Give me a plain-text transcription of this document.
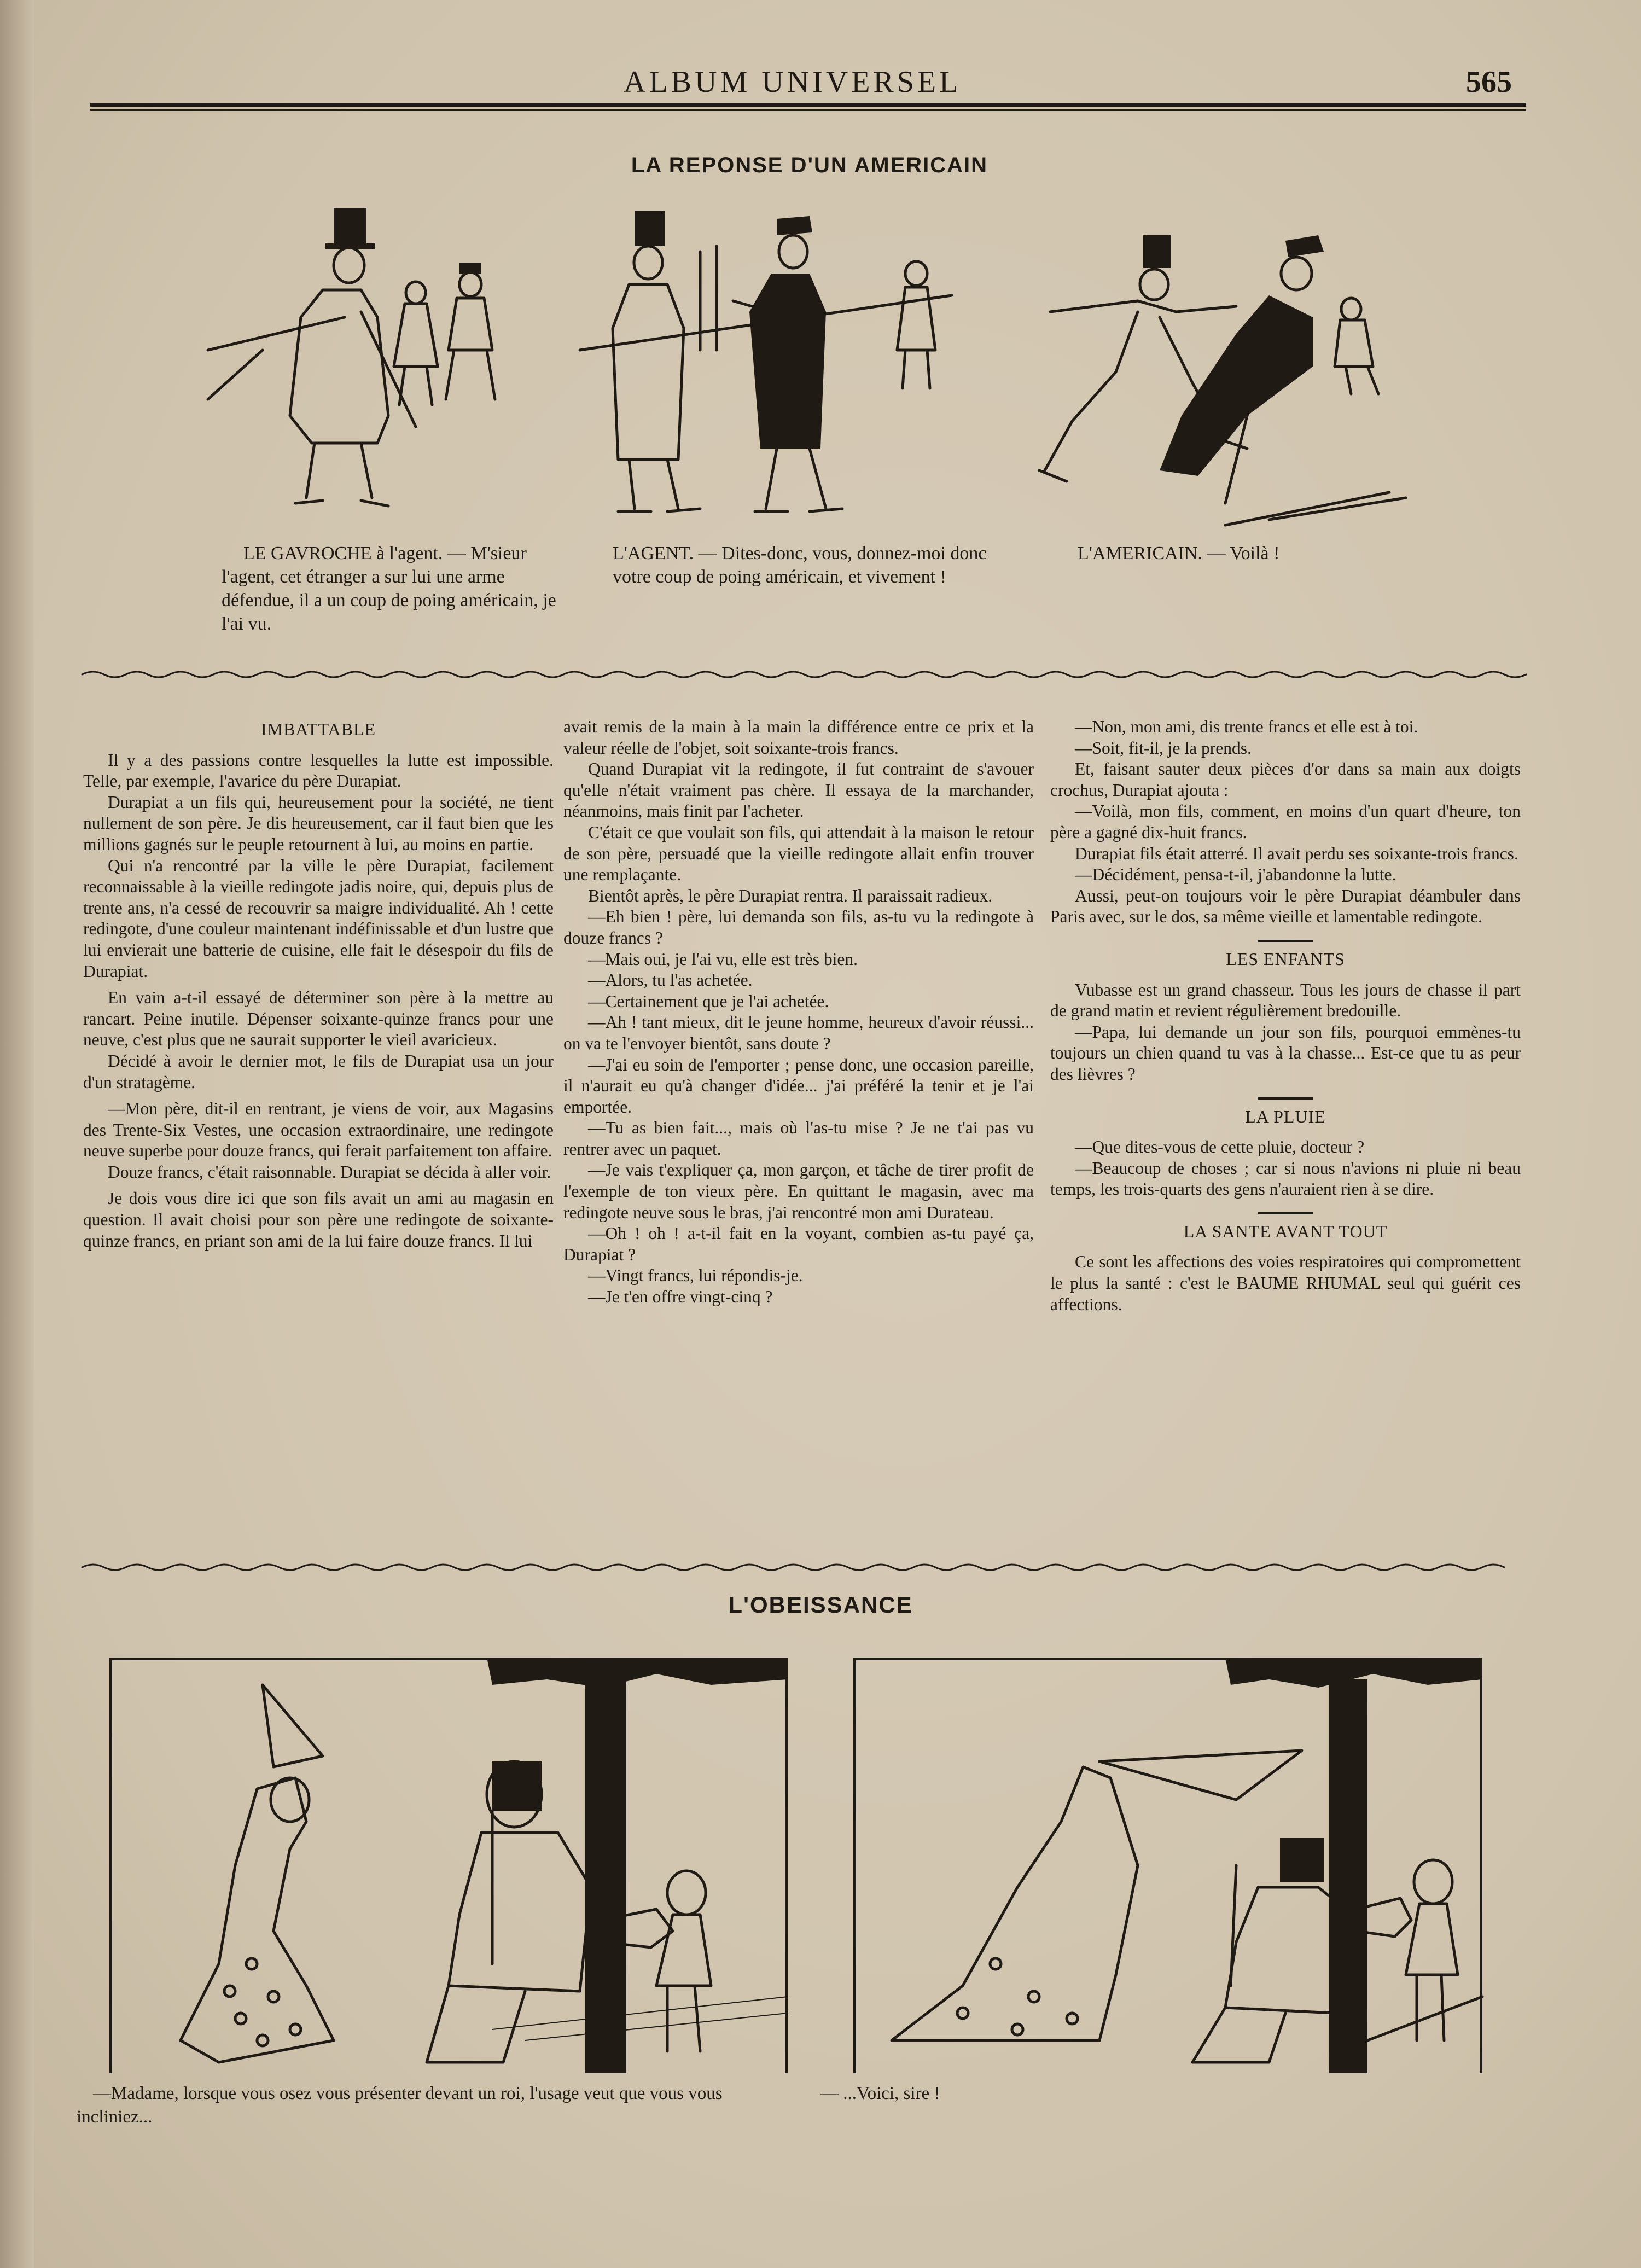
ALBUM UNIVERSEL	565
LA REPONSE D'UN AMERICAIN
LE GAVROCHE à l'agent. — M'sieur l'agent, cet étranger a sur lui une arme défendue, il a un coup de poing américain, je l'ai vu.
L'AGENT. — Dites-donc, vous, donnez-moi donc votre coup de poing américain, et vivement !
L'AMERICAIN. — Voilà !
IMBATTABLE

Il y a des passions contre lesquelles la lutte est impossible. Telle, par exemple, l'avarice du père Durapiat.

Durapiat a un fils qui, heureusement pour la société, ne tient nullement de son père. Je dis heureusement, car il faut bien que les millions gagnés sur le peuple retournent à lui, au moins en partie.

Qui n'a rencontré par la ville le père Durapiat, facilement reconnaissable à la vieille redingote jadis noire, qui, depuis plus de trente ans, n'a cessé de recouvrir sa maigre individualité. Ah ! cette redingote, d'une couleur maintenant indéfinissable et d'un lustre que lui envierait une batterie de cuisine, elle fait le désespoir du fils de Durapiat.

En vain a-t-il essayé de déterminer son père à la mettre au rancart. Peine inutile. Dépenser soixante-quinze francs pour une neuve, c'est plus que ne saurait supporter le vieil avaricieux.

Décidé à avoir le dernier mot, le fils de Durapiat usa un jour d'un stratagème.

—Mon père, dit-il en rentrant, je viens de voir, aux Magasins des Trente-Six Vestes, une occasion extraordinaire, une redingote neuve superbe pour douze francs, qui ferait parfaitement ton affaire.

Douze francs, c'était raisonnable. Durapiat se décida à aller voir.

Je dois vous dire ici que son fils avait un ami au magasin en question. Il avait choisi pour son père une redingote de soixante-quinze francs, en priant son ami de la lui faire douze francs. Il lui

avait remis de la main à la main la différence entre ce prix et la valeur réelle de l'objet, soit soixante-trois francs.

Quand Durapiat vit la redingote, il fut contraint de s'avouer qu'elle n'était vraiment pas chère. Il essaya de la marchander, néanmoins, mais finit par l'acheter.

C'était ce que voulait son fils, qui attendait à la maison le retour de son père, persuadé que la vieille redingote allait enfin trouver une remplaçante.

Bientôt après, le père Durapiat rentra. Il paraissait radieux.

—Eh bien ! père, lui demanda son fils, as-tu vu la redingote à douze francs ?

—Mais oui, je l'ai vu, elle est très bien.

—Alors, tu l'as achetée.

—Certainement que je l'ai achetée.

—Ah ! tant mieux, dit le jeune homme, heureux d'avoir réussi... on va te l'envoyer bientôt, sans doute ?

—J'ai eu soin de l'emporter ; pense donc, une occasion pareille, il n'aurait eu qu'à changer d'idée... j'ai préféré la tenir et je l'ai emportée.

—Tu as bien fait..., mais où l'as-tu mise ? Je ne t'ai pas vu rentrer avec un paquet.

—Je vais t'expliquer ça, mon garçon, et tâche de tirer profit de l'exemple de ton vieux père. En quittant le magasin, avec ma redingote neuve sous le bras, j'ai rencontré mon ami Durateau.

—Oh ! oh ! a-t-il fait en la voyant, combien as-tu payé ça, Durapiat ?

—Vingt francs, lui répondis-je.

—Je t'en offre vingt-cinq ?

—Non, mon ami, dis trente francs et elle est à toi.

—Soit, fit-il, je la prends.

Et, faisant sauter deux pièces d'or dans sa main aux doigts crochus, Durapiat ajouta :

—Voilà, mon fils, comment, en moins d'un quart d'heure, ton père a gagné dix-huit francs.

Durapiat fils était atterré. Il avait perdu ses soixante-trois francs.

—Décidément, pensa-t-il, j'abandonne la lutte.

Aussi, peut-on toujours voir le père Durapiat déambuler dans Paris avec, sur le dos, sa même vieille et lamentable redingote.

LES ENFANTS

Vubasse est un grand chasseur. Tous les jours de chasse il part de grand matin et revient régulièrement bredouille.

—Papa, lui demande un jour son fils, pourquoi emmènes-tu toujours un chien quand tu vas à la chasse... Est-ce que tu as peur des lièvres ?

LA PLUIE

—Que dites-vous de cette pluie, docteur ?

—Beaucoup de choses ; car si nous n'avions ni pluie ni beau temps, les trois-quarts des gens n'auraient rien à se dire.

LA SANTE AVANT TOUT

Ce sont les affections des voies respiratoires qui compromettent le plus la santé : c'est le BAUME RHUMAL seul qui guérit ces affections.

L'OBEISSANCE
—Madame, lorsque vous osez vous présenter devant un roi, l'usage veut que vous vous incliniez...
— ...Voici, sire !
